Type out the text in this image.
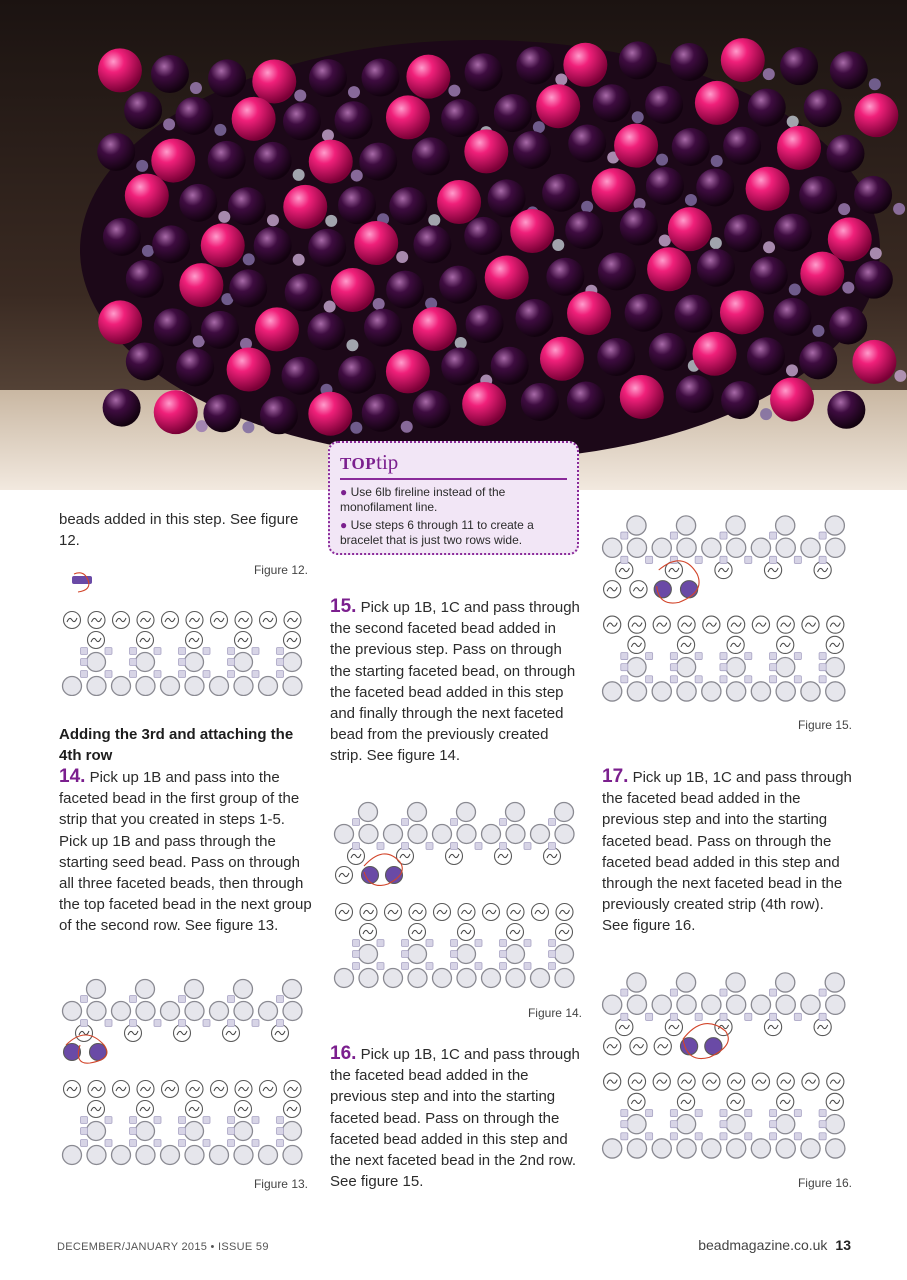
TOPtip
● Use 6lb fireline instead of the monofilament line.
● Use steps 6 through 11 to create a bracelet that is just two rows wide.
beads added in this step. See figure 12.
Figure 12.
Adding the 3rd and attaching the 4th row
14. Pick up 1B and pass into the faceted bead in the first group of the strip that you created in steps 1-5. Pick up 1B and pass through the starting seed bead. Pass on through all three faceted beads, then through the top faceted bead in the next group of the second row. See figure 13.
Figure 13.
15. Pick up 1B, 1C and pass through the second faceted bead added in the previous step. Pass on through the starting faceted bead, on through the faceted bead added in this step and finally through the next faceted bead from the previously created strip. See figure 14.
Figure 14.
16. Pick up 1B, 1C and pass through the faceted bead added in the previous step and into the starting faceted bead. Pass on through the faceted bead added in this step and the next faceted bead in the 2nd row. See figure 15.
Figure 15.
17. Pick up 1B, 1C and pass through the faceted bead added in the previous step and into the starting faceted bead. Pass on through the faceted bead added in this step and through the next faceted bead in the previously created strip (4th row). See figure 16.
Figure 16.
DECEMBER/JANUARY 2015 • ISSUE 59	beadmagazine.co.uk 13
